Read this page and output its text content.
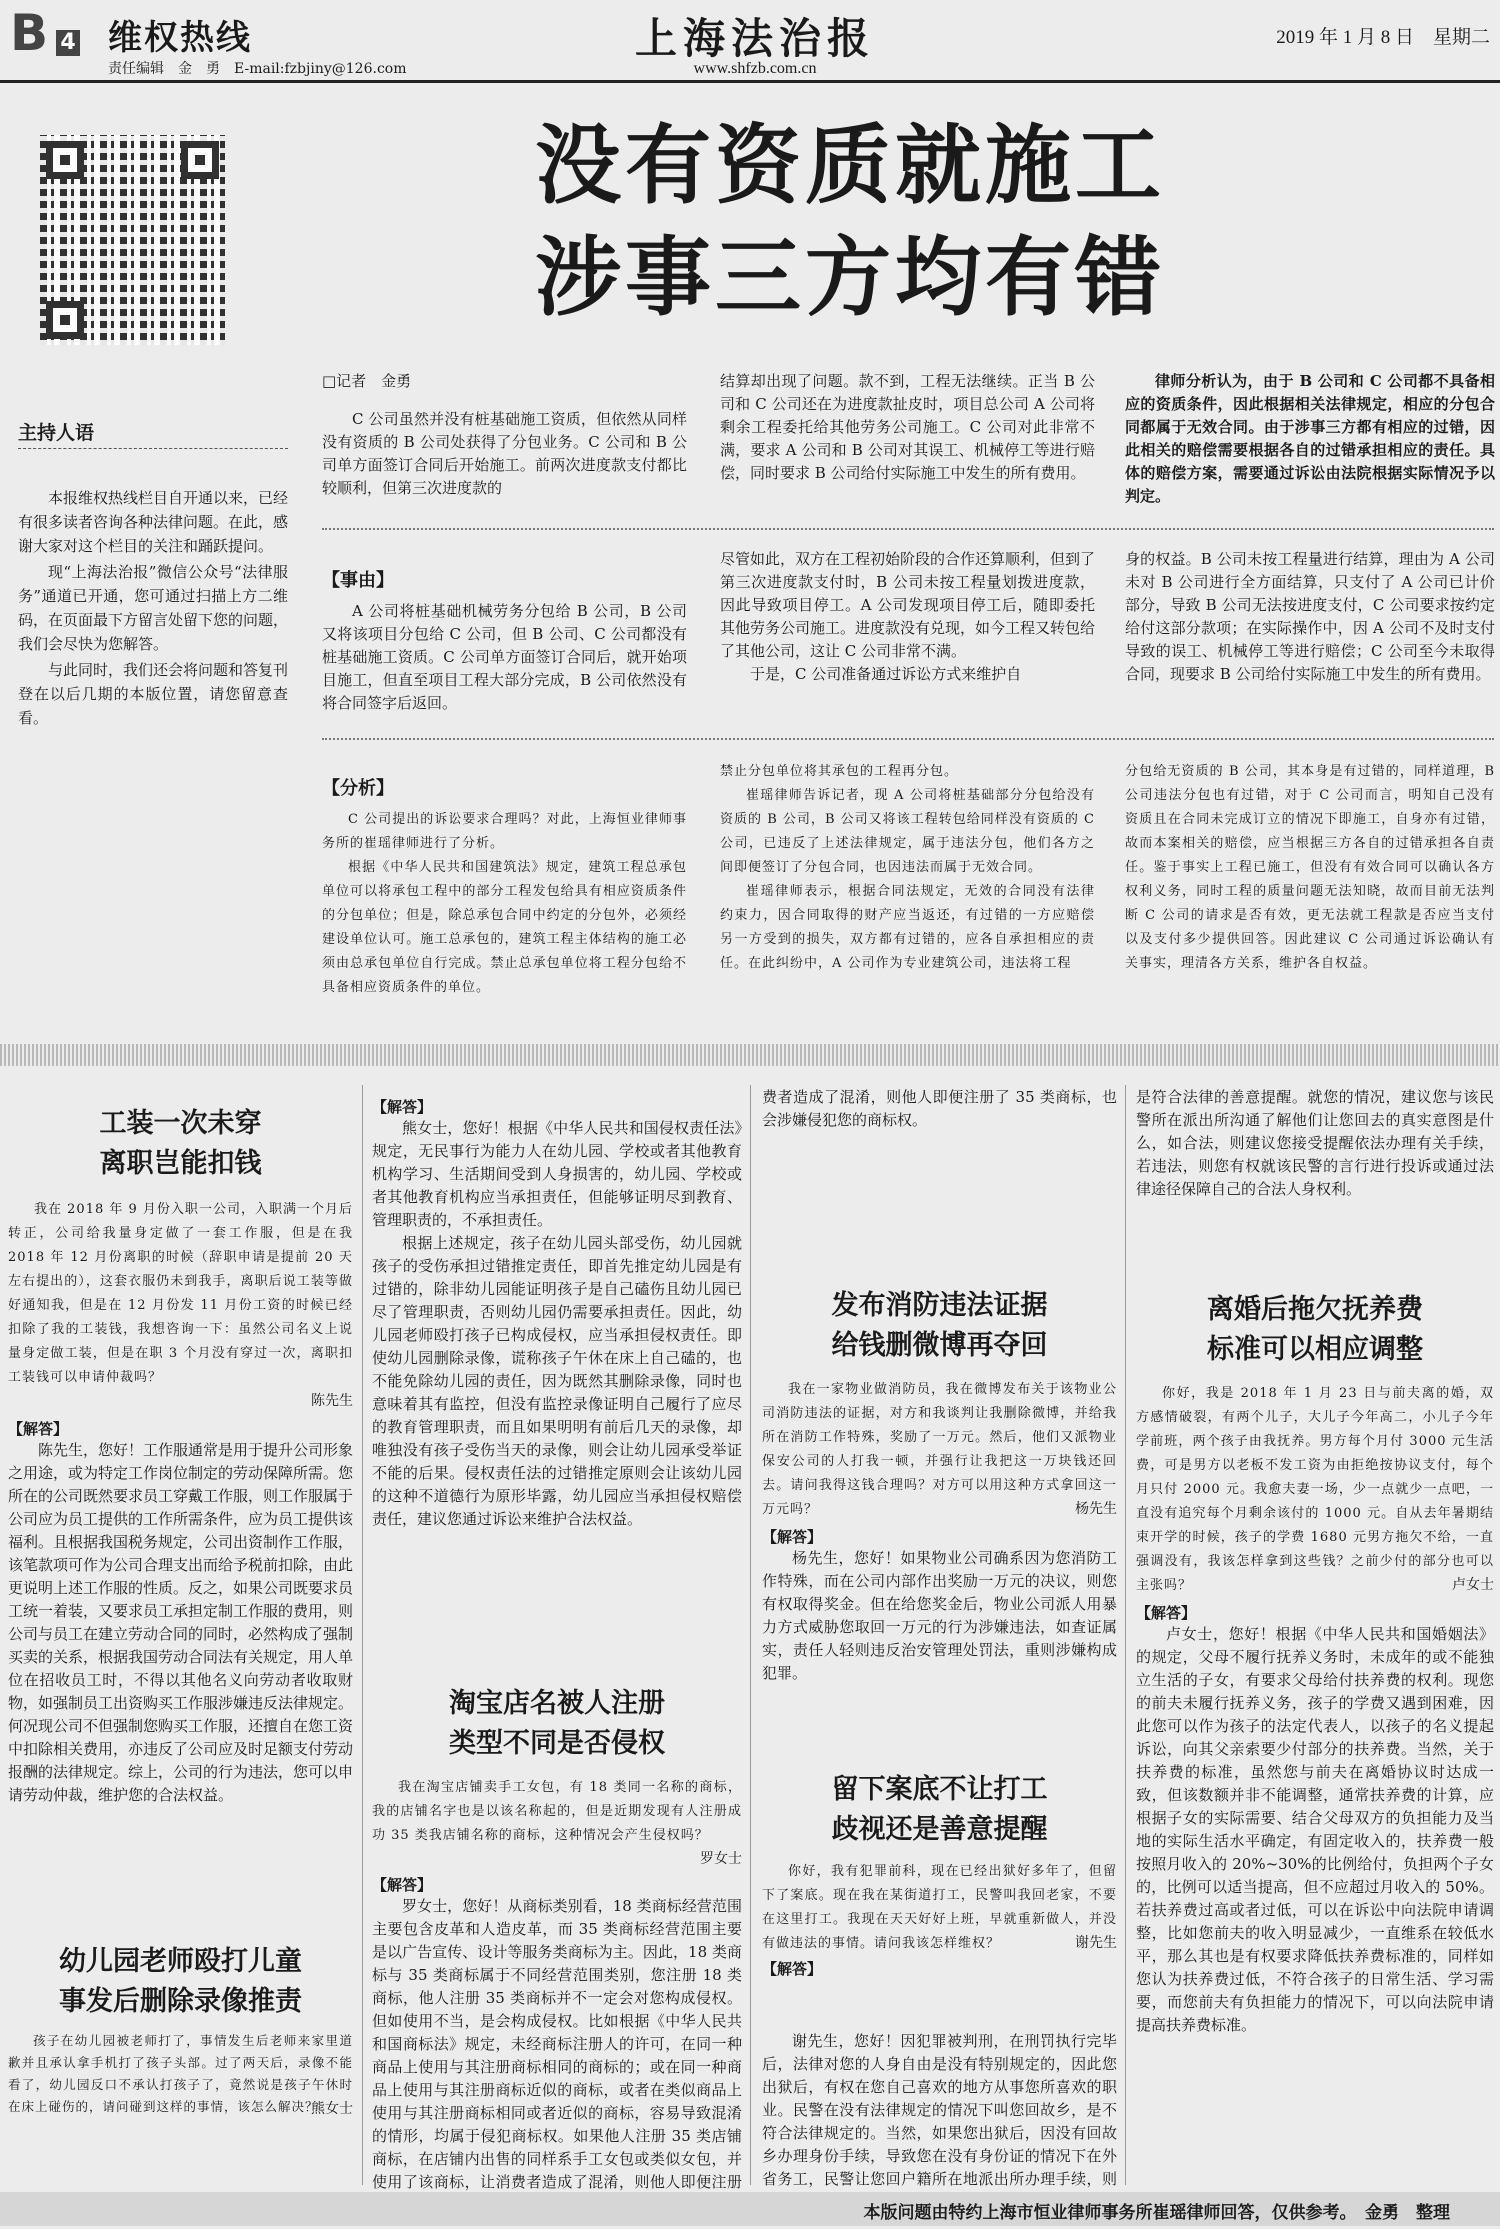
B 4 维权热线
责任编辑　金　勇　E-mail:fzbjiny@126.com
上海法治报
www.shfzb.com.cn
2019 年 1 月 8 日　星期二
主持人语

本报维权热线栏目自开通以来，已经有很多读者咨询各种法律问题。在此，感谢大家对这个栏目的关注和踊跃提问。

现“上海法治报”微信公众号“法律服务”通道已开通，您可通过扫描上方二维码，在页面最下方留言处留下您的问题，我们会尽快为您解答。

与此同时，我们还会将问题和答复刊登在以后几期的本版位置，请您留意查看。

没有资质就施工
涉事三方均有错
□记者　金勇

C 公司虽然并没有桩基础施工资质，但依然从同样没有资质的 B 公司处获得了分包业务。C 公司和 B 公司单方面签订合同后开始施工。前两次进度款支付都比较顺利，但第三次进度款的

结算却出现了问题。款不到，工程无法继续。正当 B 公司和 C 公司还在为进度款扯皮时，项目总公司 A 公司将剩余工程委托给其他劳务公司施工。C 公司对此非常不满，要求 A 公司和 B 公司对其误工、机械停工等进行赔偿，同时要求 B 公司给付实际施工中发生的所有费用。

律师分析认为，由于 B 公司和 C 公司都不具备相应的资质条件，因此根据相关法律规定，相应的分包合同都属于无效合同。由于涉事三方都有相应的过错，因此相关的赔偿需要根据各自的过错承担相应的责任。具体的赔偿方案，需要通过诉讼由法院根据实际情况予以判定。

【事由】

A 公司将桩基础机械劳务分包给 B 公司，B 公司又将该项目分包给 C 公司，但 B 公司、C 公司都没有桩基础施工资质。C 公司单方面签订合同后，就开始项目施工，但直至项目工程大部分完成，B 公司依然没有将合同签字后返回。

尽管如此，双方在工程初始阶段的合作还算顺利，但到了第三次进度款支付时，B 公司未按工程量划拨进度款，因此导致项目停工。A 公司发现项目停工后，随即委托其他劳务公司施工。进度款没有兑现，如今工程又转包给了其他公司，这让 C 公司非常不满。

于是，C 公司准备通过诉讼方式来维护自

身的权益。B 公司未按工程量进行结算，理由为 A 公司未对 B 公司进行全方面结算，只支付了 A 公司已计价部分，导致 B 公司无法按进度支付，C 公司要求按约定给付这部分款项；在实际操作中，因 A 公司不及时支付导致的误工、机械停工等进行赔偿；C 公司至今未取得合同，现要求 B 公司给付实际施工中发生的所有费用。

【分析】

C 公司提出的诉讼要求合理吗？对此，上海恒业律师事务所的崔瑶律师进行了分析。

根据《中华人民共和国建筑法》规定，建筑工程总承包单位可以将承包工程中的部分工程发包给具有相应资质条件的分包单位；但是，除总承包合同中约定的分包外，必须经建设单位认可。施工总承包的，建筑工程主体结构的施工必须由总承包单位自行完成。禁止总承包单位将工程分包给不具备相应资质条件的单位。

禁止分包单位将其承包的工程再分包。

崔瑶律师告诉记者，现 A 公司将桩基础部分分包给没有资质的 B 公司，B 公司又将该工程转包给同样没有资质的 C 公司，已违反了上述法律规定，属于违法分包，他们各方之间即便签订了分包合同，也因违法而属于无效合同。

崔瑶律师表示，根据合同法规定，无效的合同没有法律约束力，因合同取得的财产应当返还，有过错的一方应赔偿另一方受到的损失，双方都有过错的，应各自承担相应的责任。在此纠纷中，A 公司作为专业建筑公司，违法将工程

分包给无资质的 B 公司，其本身是有过错的，同样道理，B 公司违法分包也有过错，对于 C 公司而言，明知自己没有资质且在合同未完成订立的情况下即施工，自身亦有过错，故而本案相关的赔偿，应当根据三方各自的过错承担各自责任。鉴于事实上工程已施工，但没有有效合同可以确认各方权利义务，同时工程的质量问题无法知晓，故而目前无法判断 C 公司的请求是否有效，更无法就工程款是否应当支付以及支付多少提供回答。因此建议 C 公司通过诉讼确认有关事实，理清各方关系，维护各自权益。

工装一次未穿
离职岂能扣钱

我在 2018 年 9 月份入职一公司，入职满一个月后转正，公司给我量身定做了一套工作服，但是在我 2018 年 12 月份离职的时候（辞职申请是提前 20 天左右提出的），这套衣服仍未到我手，离职后说工装等做好通知我，但是在 12 月份发 11 月份工资的时候已经扣除了我的工装钱，我想咨询一下：虽然公司名义上说量身定做工装，但是在职 3 个月没有穿过一次，离职扣工装钱可以申请仲裁吗？

陈先生
【解答】

陈先生，您好！工作服通常是用于提升公司形象之用途，或为特定工作岗位制定的劳动保障所需。您所在的公司既然要求员工穿戴工作服，则工作服属于公司应为员工提供的工作所需条件，应为员工提供该福利。且根据我国税务规定，公司出资制作工作服，该笔款项可作为公司合理支出而给予税前扣除，由此更说明上述工作服的性质。反之，如果公司既要求员工统一着装，又要求员工承担定制工作服的费用，则公司与员工在建立劳动合同的同时，必然构成了强制买卖的关系，根据我国劳动合同法有关规定，用人单位在招收员工时，不得以其他名义向劳动者收取财物，如强制员工出资购买工作服涉嫌违反法律规定。何况现公司不但强制您购买工作服，还擅自在您工资中扣除相关费用，亦违反了公司应及时足额支付劳动报酬的法律规定。综上，公司的行为违法，您可以申请劳动仲裁，维护您的合法权益。

幼儿园老师殴打儿童
事发后删除录像推责

孩子在幼儿园被老师打了，事情发生后老师来家里道歉并且承认拿手机打了孩子头部。过了两天后，录像不能看了，幼儿园反口不承认打孩子了，竟然说是孩子午休时在床上碰伤的，请问碰到这样的事情，该怎么解决？

熊女士
【解答】

熊女士，您好！根据《中华人民共和国侵权责任法》规定，无民事行为能力人在幼儿园、学校或者其他教育机构学习、生活期间受到人身损害的，幼儿园、学校或者其他教育机构应当承担责任，但能够证明尽到教育、管理职责的，不承担责任。

根据上述规定，孩子在幼儿园头部受伤，幼儿园就孩子的受伤承担过错推定责任，即首先推定幼儿园是有过错的，除非幼儿园能证明孩子是自己磕伤且幼儿园已尽了管理职责，否则幼儿园仍需要承担责任。因此，幼儿园老师殴打孩子已构成侵权，应当承担侵权责任。即使幼儿园删除录像，谎称孩子午休在床上自己磕的，也不能免除幼儿园的责任，因为既然其删除录像，同时也意味着其有监控，但没有监控录像证明自己履行了应尽的教育管理职责，而且如果明明有前后几天的录像，却唯独没有孩子受伤当天的录像，则会让幼儿园承受举证不能的后果。侵权责任法的过错推定原则会让该幼儿园的这种不道德行为原形毕露，幼儿园应当承担侵权赔偿责任，建议您通过诉讼来维护合法权益。

淘宝店名被人注册
类型不同是否侵权

我在淘宝店铺卖手工女包，有 18 类同一名称的商标，我的店铺名字也是以该名称起的，但是近期发现有人注册成功 35 类我店铺名称的商标，这种情况会产生侵权吗？

罗女士
【解答】

罗女士，您好！从商标类别看，18 类商标经营范围主要包含皮革和人造皮革，而 35 类商标经营范围主要是以广告宣传、设计等服务类商标为主。因此，18 类商标与 35 类商标属于不同经营范围类别，您注册 18 类商标，他人注册 35 类商标并不一定会对您构成侵权。但如使用不当，是会构成侵权。比如根据《中华人民共和国商标法》规定，未经商标注册人的许可，在同一种商品上使用与其注册商标相同的商标的；或在同一种商品上使用与其注册商标近似的商标，或者在类似商品上使用与其注册商标相同或者近似的商标，容易导致混淆的情形，均属于侵犯商标权。如果他人注册 35 类店铺商标，在店铺内出售的同样系手工女包或类似女包，并使用了该商标，让消费者造成了混淆，则他人即便注册

发布消防违法证据
给钱删微博再夺回

我在一家物业做消防员，我在微博发布关于该物业公司消防违法的证据，对方和我谈判让我删除微博，并给我所在消防工作特殊，奖励了一万元。然后，他们又派物业保安公司的人打我一顿，并强行让我把这一万块钱还回去。请问我得这钱合理吗？对方可以用这种方式拿回这一万元吗？	杨先生
【解答】

杨先生，您好！如果物业公司确系因为您消防工作特殊，而在公司内部作出奖励一万元的决议，则您有权取得奖金。但在给您奖金后，物业公司派人用暴力方式威胁您取回一万元的行为涉嫌违法，如查证属实，责任人轻则违反治安管理处罚法，重则涉嫌构成犯罪。

留下案底不让打工
歧视还是善意提醒

你好，我有犯罪前科，现在已经出狱好多年了，但留下了案底。现在我在某街道打工，民警叫我回老家，不要在这里打工。我现在天天好好上班，早就重新做人，并没有做违法的事情。请问我该怎样维权？	谢先生
【解答】

谢先生，您好！因犯罪被判刑，在刑罚执行完毕后，法律对您的人身自由是没有特别规定的，因此您出狱后，有权在您自己喜欢的地方从事您所喜欢的职业。民警在没有法律规定的情况下叫您回故乡，是不符合法律规定的。当然，如果您出狱后，因没有回故乡办理身份手续，导致您在没有身份证的情况下在外省务工，民警让您回户籍所在地派出所办理手续，则

费者造成了混淆，则他人即便注册了 35 类商标，也会涉嫌侵犯您的商标权。
是符合法律的善意提醒。就您的情况，建议您与该民警所在派出所沟通了解他们让您回去的真实意图是什么，如合法，则建议您接受提醒依法办理有关手续，若违法，则您有权就该民警的言行进行投诉或通过法律途径保障自己的合法人身权利。
离婚后拖欠抚养费
标准可以相应调整

你好，我是 2018 年 1 月 23 日与前夫离的婚，双方感情破裂，有两个儿子，大儿子今年高二，小儿子今年学前班，两个孩子由我抚养。男方每个月付 3000 元生活费，可是男方以老板不发工资为由拒绝按协议支付，每个月只付 2000 元。我愈夫妻一场，少一点就少一点吧，一直没有追究每个月剩余该付的 1000 元。自从去年暑期结束开学的时候，孩子的学费 1680 元男方拖欠不给，一直强调没有，我该怎样拿到这些钱？之前少付的部分也可以主张吗？	卢女士
【解答】

卢女士，您好！根据《中华人民共和国婚姻法》的规定，父母不履行抚养义务时，未成年的或不能独立生活的子女，有要求父母给付扶养费的权利。现您的前夫未履行抚养义务，孩子的学费又遇到困难，因此您可以作为孩子的法定代表人，以孩子的名义提起诉讼，向其父亲索要少付部分的扶养费。当然，关于扶养费的标准，虽然您与前夫在离婚协议时达成一致，但该数额并非不能调整，通常扶养费的计算，应根据子女的实际需要、结合父母双方的负担能力及当地的实际生活水平确定，有固定收入的，扶养费一般按照月收入的 20%~30%的比例给付，负担两个子女的，比例可以适当提高，但不应超过月收入的 50%。若扶养费过高或者过低，可以在诉讼中向法院申请调整，比如您前夫的收入明显减少，一直维系在较低水平，那么其也是有权要求降低扶养费标准的，同样如您认为扶养费过低，不符合孩子的日常生活、学习需要，而您前夫有负担能力的情况下，可以向法院申请提高扶养费标准。

本版问题由特约上海市恒业律师事务所崔瑶律师回答，仅供参考。　金勇　整理
